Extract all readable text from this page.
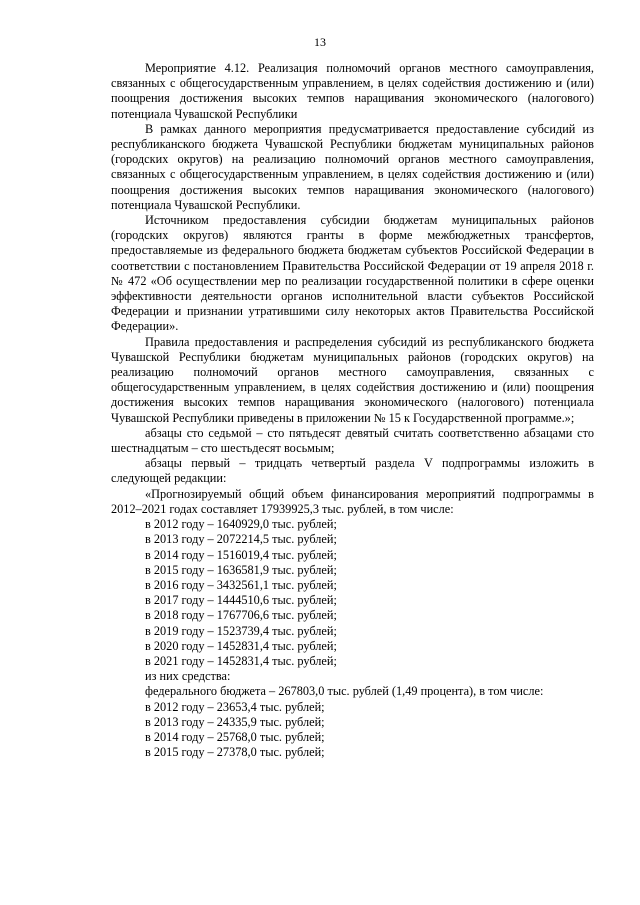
13

Мероприятие 4.12. Реализация полномочий органов местного самоуправления, связанных с общегосударственным управлением, в целях содействия достижению и (или) поощрения достижения высоких темпов наращивания экономического (налогового) потенциала Чувашской Республики

В рамках данного мероприятия предусматривается предоставление субсидий из республиканского бюджета Чувашской Республики бюджетам муниципальных районов (городских округов) на реализацию полномочий органов местного самоуправления, связанных с общегосударственным управлением, в целях содействия достижению и (или) поощрения достижения высоких темпов наращивания экономического (налогового) потенциала Чувашской Республики.

Источником предоставления субсидии бюджетам муниципальных районов (городских округов) являются гранты в форме межбюджетных трансфертов, предоставляемые из федерального бюджета бюджетам субъектов Российской Федерации в соответствии с постановлением Правительства Российской Федерации от 19 апреля 2018 г. № 472 «Об осуществлении мер по реализации государственной политики в сфере оценки эффективности деятельности органов исполнительной власти субъектов Российской Федерации и признании утратившими силу некоторых актов Правительства Российской Федерации».

Правила предоставления и распределения субсидий из республиканского бюджета Чувашской Республики бюджетам муниципальных районов (городских округов) на реализацию полномочий органов местного самоуправления, связанных с общегосударственным управлением, в целях содействия достижению и (или) поощрения достижения высоких темпов наращивания экономического (налогового) потенциала Чувашской Республики приведены в приложении № 15 к Государственной программе.»;

абзацы сто седьмой – сто пятьдесят девятый считать соответственно абзацами сто шестнадцатым – сто шестьдесят восьмым;

абзацы первый – тридцать четвертый раздела V подпрограммы изложить в следующей редакции:

«Прогнозируемый общий объем финансирования мероприятий подпрограммы в 2012–2021 годах составляет 17939925,3 тыс. рублей, в том числе:

в 2012 году – 1640929,0 тыс. рублей;

в 2013 году – 2072214,5 тыс. рублей;

в 2014 году – 1516019,4 тыс. рублей;

в 2015 году – 1636581,9 тыс. рублей;

в 2016 году – 3432561,1 тыс. рублей;

в 2017 году – 1444510,6 тыс. рублей;

в 2018 году – 1767706,6 тыс. рублей;

в 2019 году – 1523739,4 тыс. рублей;

в 2020 году – 1452831,4 тыс. рублей;

в 2021 году – 1452831,4 тыс. рублей;

из них средства:

федерального бюджета – 267803,0 тыс. рублей (1,49 процента), в том числе:

в 2012 году – 23653,4 тыс. рублей;

в 2013 году – 24335,9 тыс. рублей;

в 2014 году – 25768,0 тыс. рублей;

в 2015 году – 27378,0 тыс. рублей;
